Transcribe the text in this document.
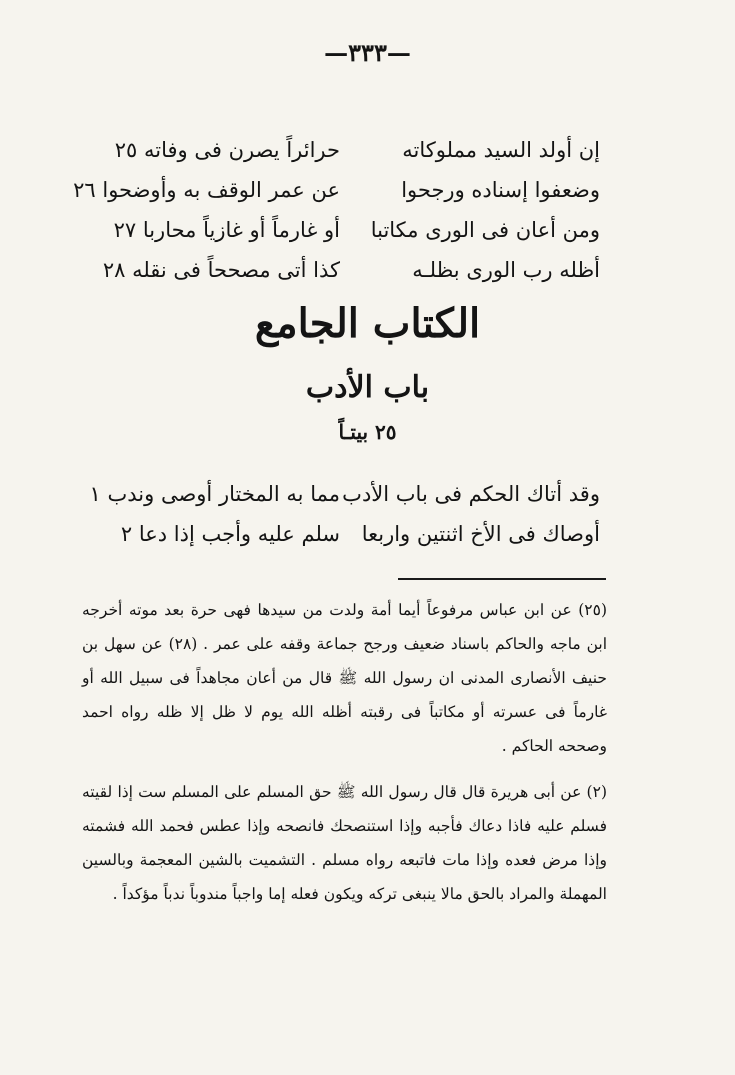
—٣٣٣—
إن أولد السيد مملوكاته
حرائراً يصرن فى وفاته ٢٥
وضعفوا إسناده ورجحوا
عن عمر الوقف به وأوضحوا ٢٦
ومن أعان فى الورى مكاتبا
أو غارماً أو غازياً محاربا ٢٧
أظله رب الورى بظلـه
كذا أتى مصححاً فى نقله ٢٨
الكتاب الجامع
باب الأدب
٢٥ بيتـاً
وقد أتاك الحكم فى باب الأدب
مما به المختار أوصى وندب ١
أوصاك فى الأخ اثنتين واربعا
سلم عليه وأجب إذا دعا ٢

(٢٥) عن ابن عباس مرفوعاً أيما أمة ولدت من سيدها فهى حرة بعد موته أخرجه ابن ماجه والحاكم باسناد ضعيف ورجح جماعة وقفه على عمر . (٢٨) عن سهل بن حنيف الأنصارى المدنى ان رسول الله ﷺ قال من أعان مجاهداً فى سبيل الله أو غارماً فى عسرته أو مكاتباً فى رقبته أظله الله يوم لا ظل إلا ظله رواه احمد وصححه الحاكم .

(٢) عن أبى هريرة قال قال رسول الله ﷺ حق المسلم على المسلم ست إذا لقيته فسلم عليه فاذا دعاك فأجبه وإذا استنصحك فانصحه وإذا عطس فحمد الله فشمته وإذا مرض فعده وإذا مات فاتبعه رواه مسلم . التشميت بالشين المعجمة وبالسين المهملة والمراد بالحق مالا ينبغى تركه ويكون فعله إما واجباً مندوباً ندباً مؤكداً .
